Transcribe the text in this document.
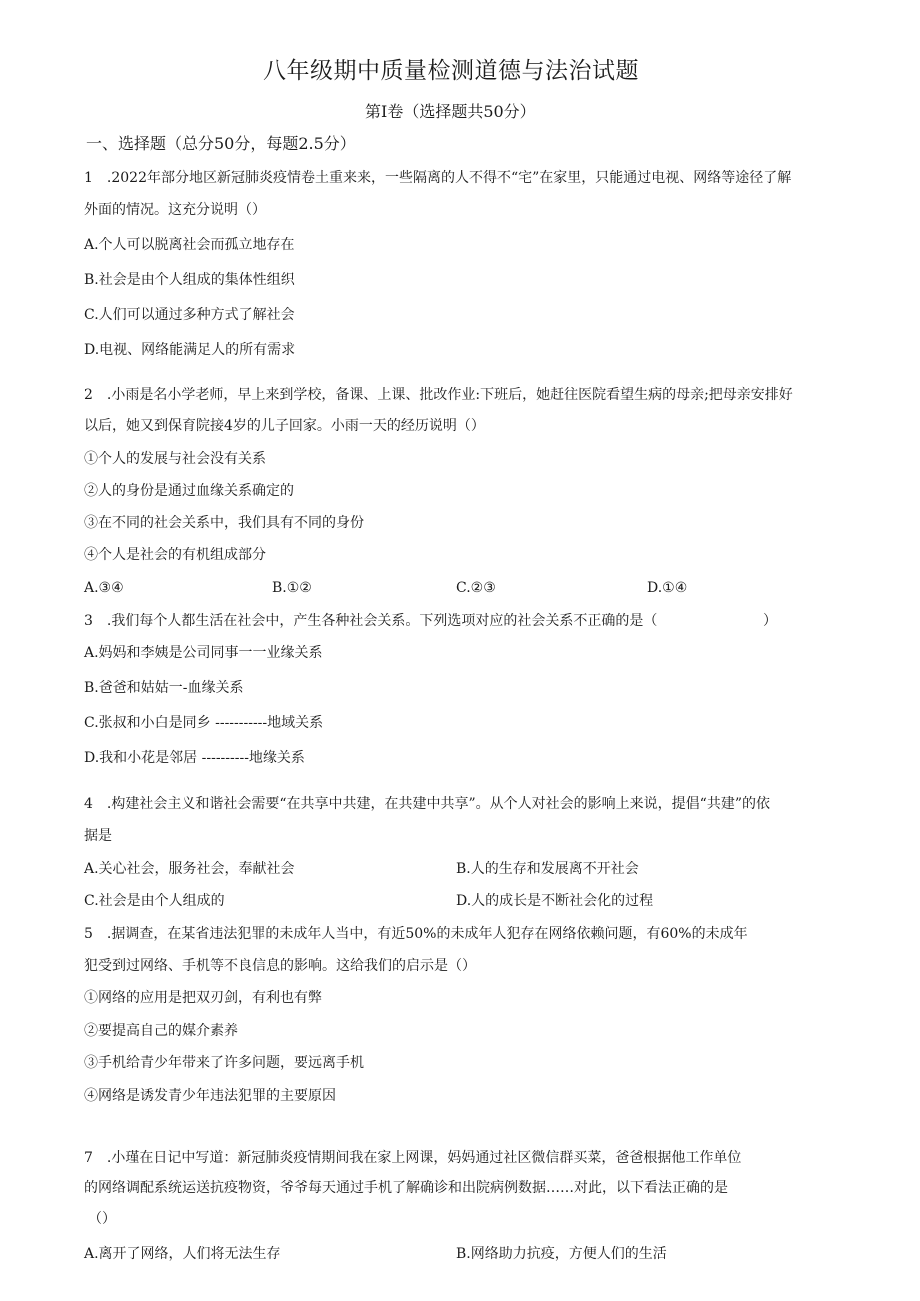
八年级期中质量检测道德与法治试题
第Ⅰ卷（选择题共50分）
一、选择题（总分50分，每题2.5分）
1　.2022年部分地区新冠肺炎疫情卷土重来来，一些隔离的人不得不“宅”在家里，只能通过电视、网络等途径了解
外面的情况。这充分说明（）
A.个人可以脱离社会而孤立地存在
B.社会是由个人组成的集体性组织
C.人们可以通过多种方式了解社会
D.电视、网络能满足人的所有需求
2　.小雨是名小学老师，早上来到学校，备课、上课、批改作业:下班后，她赶往医院看望生病的母亲;把母亲安排好
以后，她又到保育院接4岁的儿子回家。小雨一天的经历说明（）
①个人的发展与社会没有关系
②人的身份是通过血缘关系确定的
③在不同的社会关系中，我们具有不同的身份
④个人是社会的有机组成部分
A.③④	B.①②	C.②③	D.①④
3　.我们每个人都生活在社会中，产生各种社会关系。下列选项对应的社会关系不正确的是（	）
A.妈妈和李姨是公司同事一一业缘关系
B.爸爸和姑姑一-血缘关系
C.张叔和小白是同乡 -----------地域关系
D.我和小花是邻居 ----------地缘关系
4　.构建社会主义和谐社会需要“在共享中共建，在共建中共享”。从个人对社会的影响上来说，提倡“共建”的依
据是
A.关心社会，服务社会，奉献社会	B.人的生存和发展离不开社会
C.社会是由个人组成的	D.人的成长是不断社会化的过程
5　.据调查，在某省违法犯罪的未成年人当中，有近50%的未成年人犯存在网络依赖问题，有60%的未成年
犯受到过网络、手机等不良信息的影响。这给我们的启示是（）
①网络的应用是把双刃剑，有利也有弊
②要提高自己的媒介素养
③手机给青少年带来了许多问题，要远离手机
④网络是诱发青少年违法犯罪的主要原因
7　.小瑾在日记中写道：新冠肺炎疫情期间我在家上网课，妈妈通过社区微信群买菜，爸爸根据他工作单位
的网络调配系统运送抗疫物资，爷爷每天通过手机了解确诊和出院病例数据……对此，以下看法正确的是
（）
A.离开了网络，人们将无法生存	B.网络助力抗疫，方便人们的生活
